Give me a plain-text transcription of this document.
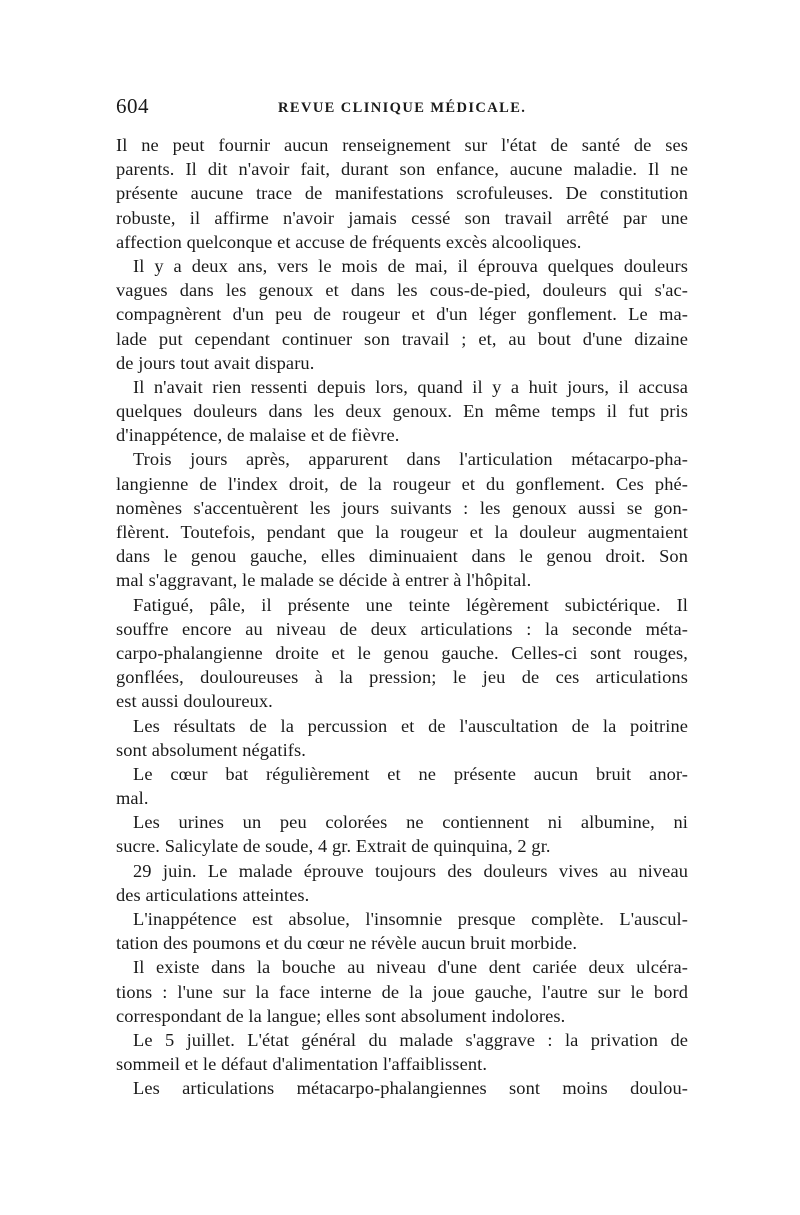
604	REVUE CLINIQUE MÉDICALE.
Il ne peut fournir aucun renseignement sur l'état de santé de ses
parents. Il dit n'avoir fait, durant son enfance, aucune maladie. Il ne
présente aucune trace de manifestations scrofuleuses. De constitution
robuste, il affirme n'avoir jamais cessé son travail arrêté par une
affection quelconque et accuse de fréquents excès alcooliques.
Il y a deux ans, vers le mois de mai, il éprouva quelques douleurs
vagues dans les genoux et dans les cous-de-pied, douleurs qui s'ac-
compagnèrent d'un peu de rougeur et d'un léger gonflement. Le ma-
lade put cependant continuer son travail ; et, au bout d'une dizaine
de jours tout avait disparu.
Il n'avait rien ressenti depuis lors, quand il y a huit jours, il accusa
quelques douleurs dans les deux genoux. En même temps il fut pris
d'inappétence, de malaise et de fièvre.
Trois jours après, apparurent dans l'articulation métacarpo-pha-
langienne de l'index droit, de la rougeur et du gonflement. Ces phé-
nomènes s'accentuèrent les jours suivants : les genoux aussi se gon-
flèrent. Toutefois, pendant que la rougeur et la douleur augmentaient
dans le genou gauche, elles diminuaient dans le genou droit. Son
mal s'aggravant, le malade se décide à entrer à l'hôpital.
Fatigué, pâle, il présente une teinte légèrement subictérique. Il
souffre encore au niveau de deux articulations : la seconde méta-
carpo-phalangienne droite et le genou gauche. Celles-ci sont rouges,
gonflées, douloureuses à la pression; le jeu de ces articulations
est aussi douloureux.
Les résultats de la percussion et de l'auscultation de la poitrine
sont absolument négatifs.
Le cœur bat régulièrement et ne présente aucun bruit anor-
mal.
Les urines un peu colorées ne contiennent ni albumine, ni
sucre. Salicylate de soude, 4 gr. Extrait de quinquina, 2 gr.
29 juin. Le malade éprouve toujours des douleurs vives au niveau
des articulations atteintes.
L'inappétence est absolue, l'insomnie presque complète. L'auscul-
tation des poumons et du cœur ne révèle aucun bruit morbide.
Il existe dans la bouche au niveau d'une dent cariée deux ulcéra-
tions : l'une sur la face interne de la joue gauche, l'autre sur le bord
correspondant de la langue; elles sont absolument indolores.
Le 5 juillet. L'état général du malade s'aggrave : la privation de
sommeil et le défaut d'alimentation l'affaiblissent.
Les articulations métacarpo-phalangiennes sont moins doulou-
